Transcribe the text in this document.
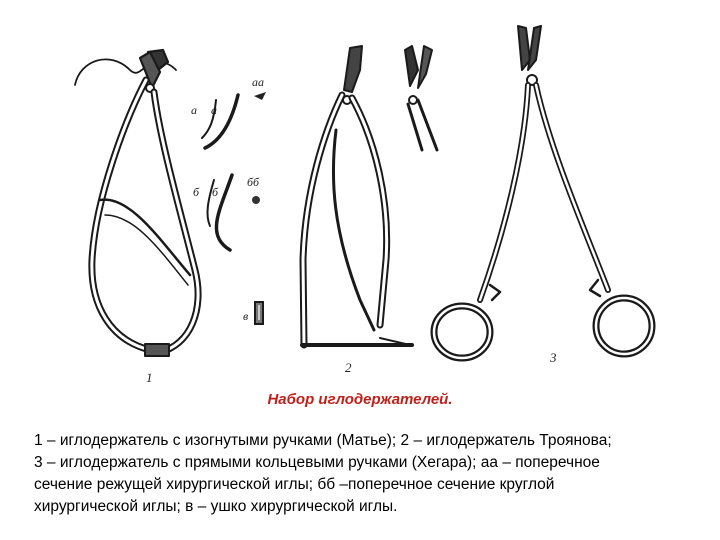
1
а а
аа
б б
бб
в
2
3
Набор иглодержателей.
1 – иглодержатель с изогнутыми ручками (Матье); 2 – иглодержатель Троянова;
3 – иглодержатель с прямыми кольцевыми ручками (Хегара); аа – поперечное
сечение режущей хирургической иглы; бб –поперечное сечение круглой
хирургической иглы; в – ушко хирургической иглы.
